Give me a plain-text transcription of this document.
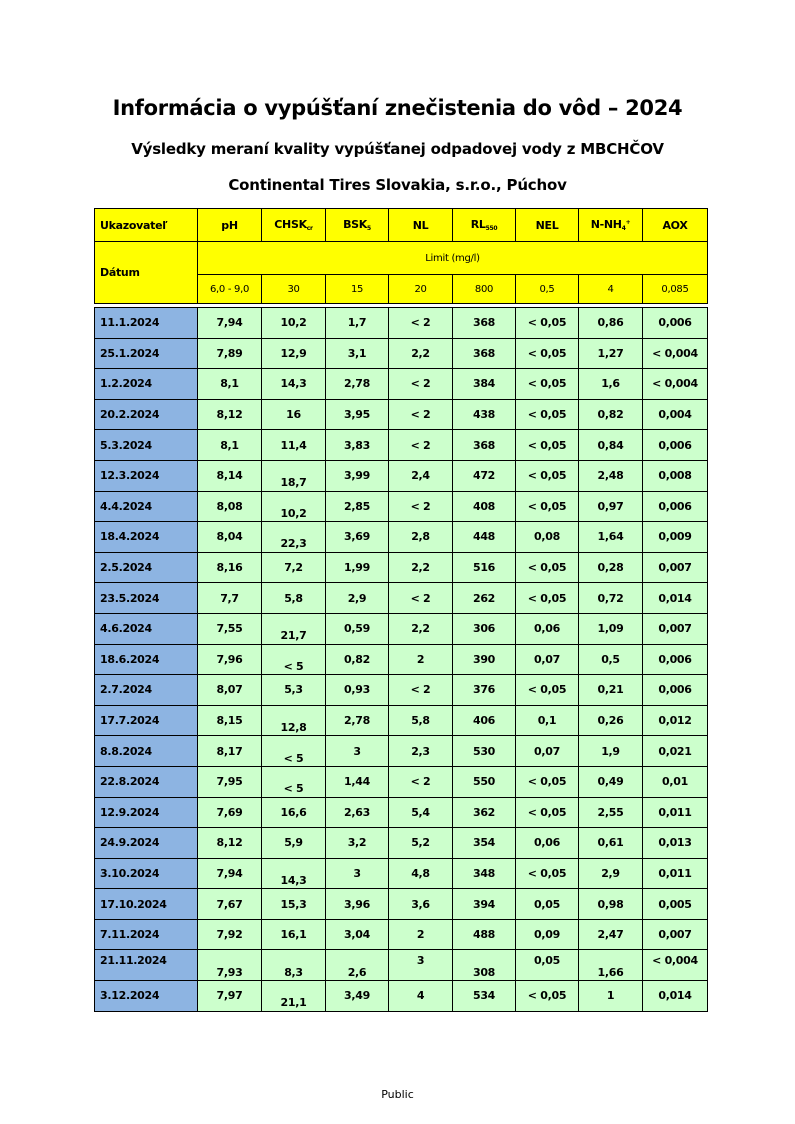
Informácia o vypúšťaní znečistenia do vôd – 2024
Výsledky meraní kvality vypúšťanej odpadovej vody z MBCHČOV
Continental Tires Slovakia, s.r.o., Púchov
Ukazovateľ	pH	$CHSK_{cr}$	$BSK_5$	NL	$RL_{550}$	NEL	$N-NH_4^+$	AOX
Dátum	Limit (mg/l)							
	6,0 - 9,0	30	15	20	800	0,5	4	0,085

11.1.2024	7,94	10,2	1,7	< 2	368	< 0,05	0,86	0,006
25.1.2024	7,89	12,9	3,1	2,2	368	< 0,05	1,27	< 0,004
1.2.2024	8,1	14,3	2,78	< 2	384	< 0,05	1,6	< 0,004
20.2.2024	8,12	16	3,95	< 2	438	< 0,05	0,82	0,004
5.3.2024	8,1	11,4	3,83	< 2	368	< 0,05	0,84	0,006
12.3.2024	8,14	18,7	3,99	2,4	472	< 0,05	2,48	0,008
4.4.2024	8,08	10,2	2,85	< 2	408	< 0,05	0,97	0,006
18.4.2024	8,04	22,3	3,69	2,8	448	0,08	1,64	0,009
2.5.2024	8,16	7,2	1,99	2,2	516	< 0,05	0,28	0,007
23.5.2024	7,7	5,8	2,9	< 2	262	< 0,05	0,72	0,014
4.6.2024	7,55	21,7	0,59	2,2	306	0,06	1,09	0,007
18.6.2024	7,96	< 5	0,82	2	390	0,07	0,5	0,006
2.7.2024	8,07	5,3	0,93	< 2	376	< 0,05	0,21	0,006
17.7.2024	8,15	12,8	2,78	5,8	406	0,1	0,26	0,012
8.8.2024	8,17	< 5	3	2,3	530	0,07	1,9	0,021
22.8.2024	7,95	< 5	1,44	< 2	550	< 0,05	0,49	0,01
12.9.2024	7,69	16,6	2,63	5,4	362	< 0,05	2,55	0,011
24.9.2024	8,12	5,9	3,2	5,2	354	0,06	0,61	0,013
3.10.2024	7,94	14,3	3	4,8	348	< 0,05	2,9	0,011
17.10.2024	7,67	15,3	3,96	3,6	394	0,05	0,98	0,005
7.11.2024	7,92	16,1	3,04	2	488	0,09	2,47	0,007
21.11.2024	7,93	8,3	2,6	3	308	0,05	1,66	< 0,004
3.12.2024	7,97	21,1	3,49	4	534	< 0,05	1	0,014
Public
